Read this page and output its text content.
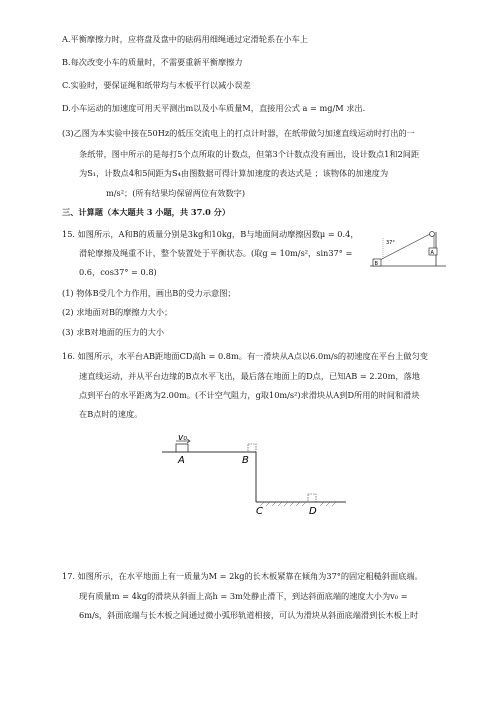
A.平衡摩擦力时，应将盘及盘中的砝码用细绳通过定滑轮系在小车上
B.每次改变小车的质量时，不需要重新平衡摩擦力
C.实验时，要保证绳和纸带均与木板平行以减小误差
D.小车运动的加速度可用天平测出m以及小车质量M，直接用公式 a = mg/M 求出.
(3)乙图为本实验中接在50Hz的低压交流电上的打点计时器，在纸带做匀加速直线运动时打出的一
条纸带，图中所示的是每打5个点所取的计数点，但第3个计数点没有画出，设计数点1和2间距
为S₁，计数点4和5间距为S₄由图数据可得计算加速度的表达式是 ；该物体的加速度为
m/s²；(所有结果均保留两位有效数字)
三、计算题（本大题共 3 小题，共 37.0 分）
15. 如图所示，A和B的质量分别是3kg和10kg，B与地面间动摩擦因数μ = 0.4，
滑轮摩擦及绳重不计，整个装置处于平衡状态。(取g = 10m/s²，sin37° =
0.6，cos37° = 0.8)
(1) 物体B受几个力作用，画出B的受力示意图；
(2) 求地面对B的摩擦力大小；
(3) 求B对地面的压力的大小
B
A
37°
16. 如图所示，水平台AB距地面CD高h = 0.8m。有一滑块从A点以6.0m/s的初速度在平台上做匀变
速直线运动，并从平台边缘的B点水平飞出，最后落在地面上的D点，已知AB = 2.20m，落地
点到平台的水平距离为2.00m。(不计空气阻力，g取10m/s²)求滑块从A到D所用的时间和滑块
在B点时的速度。
v₀
A	B
C	D
17. 如图所示，在水平地面上有一质量为M = 2kg的长木板紧靠在倾角为37°的固定粗糙斜面底端。
现有质量m = 4kg的滑块从斜面上高h = 3m处静止滑下，到达斜面底端的速度大小为v₀ =
6m/s，斜面底端与长木板之间通过微小弧形轨道相接，可认为滑块从斜面底端滑到长木板上时
